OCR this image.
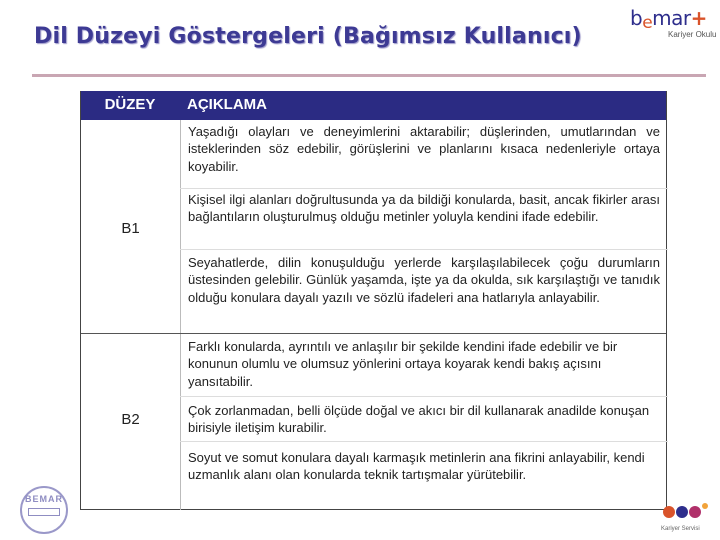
Dil Düzeyi Göstergeleri (Bağımsız Kullanıcı)
bemar+
Kariyer Okulu
DÜZEY	AÇIKLAMA
B1
Yaşadığı olayları ve deneyimlerini aktarabilir; düşlerinden, umutlarından ve isteklerinden söz edebilir, görüşlerini ve planlarını kısaca nedenleriyle ortaya koyabilir.
Kişisel ilgi alanları doğrultusunda ya da bildiği konularda, basit, ancak fikirler arası bağlantıların oluşturulmuş olduğu metinler yoluyla kendini ifade edebilir.
Seyahatlerde, dilin konuşulduğu yerlerde karşılaşılabilecek çoğu durumların üstesinden gelebilir. Günlük yaşamda, işte ya da okulda, sık karşılaştığı ve tanıdık olduğu konulara dayalı yazılı ve sözlü ifadeleri ana hatlarıyla anlayabilir.
B2
Farklı konularda, ayrıntılı ve anlaşılır bir şekilde kendini ifade edebilir ve bir konunun olumlu ve olumsuz yönlerini ortaya koyarak kendi bakış açısını yansıtabilir.
Çok zorlanmadan, belli ölçüde doğal ve akıcı bir dil kullanarak anadilde konuşan birisiyle iletişim kurabilir.
Soyut ve somut konulara dayalı karmaşık metinlerin ana fikrini anlayabilir, kendi uzmanlık alanı olan konularda teknik tartışmalar yürütebilir.
BEMAR
Kariyer Servisi
